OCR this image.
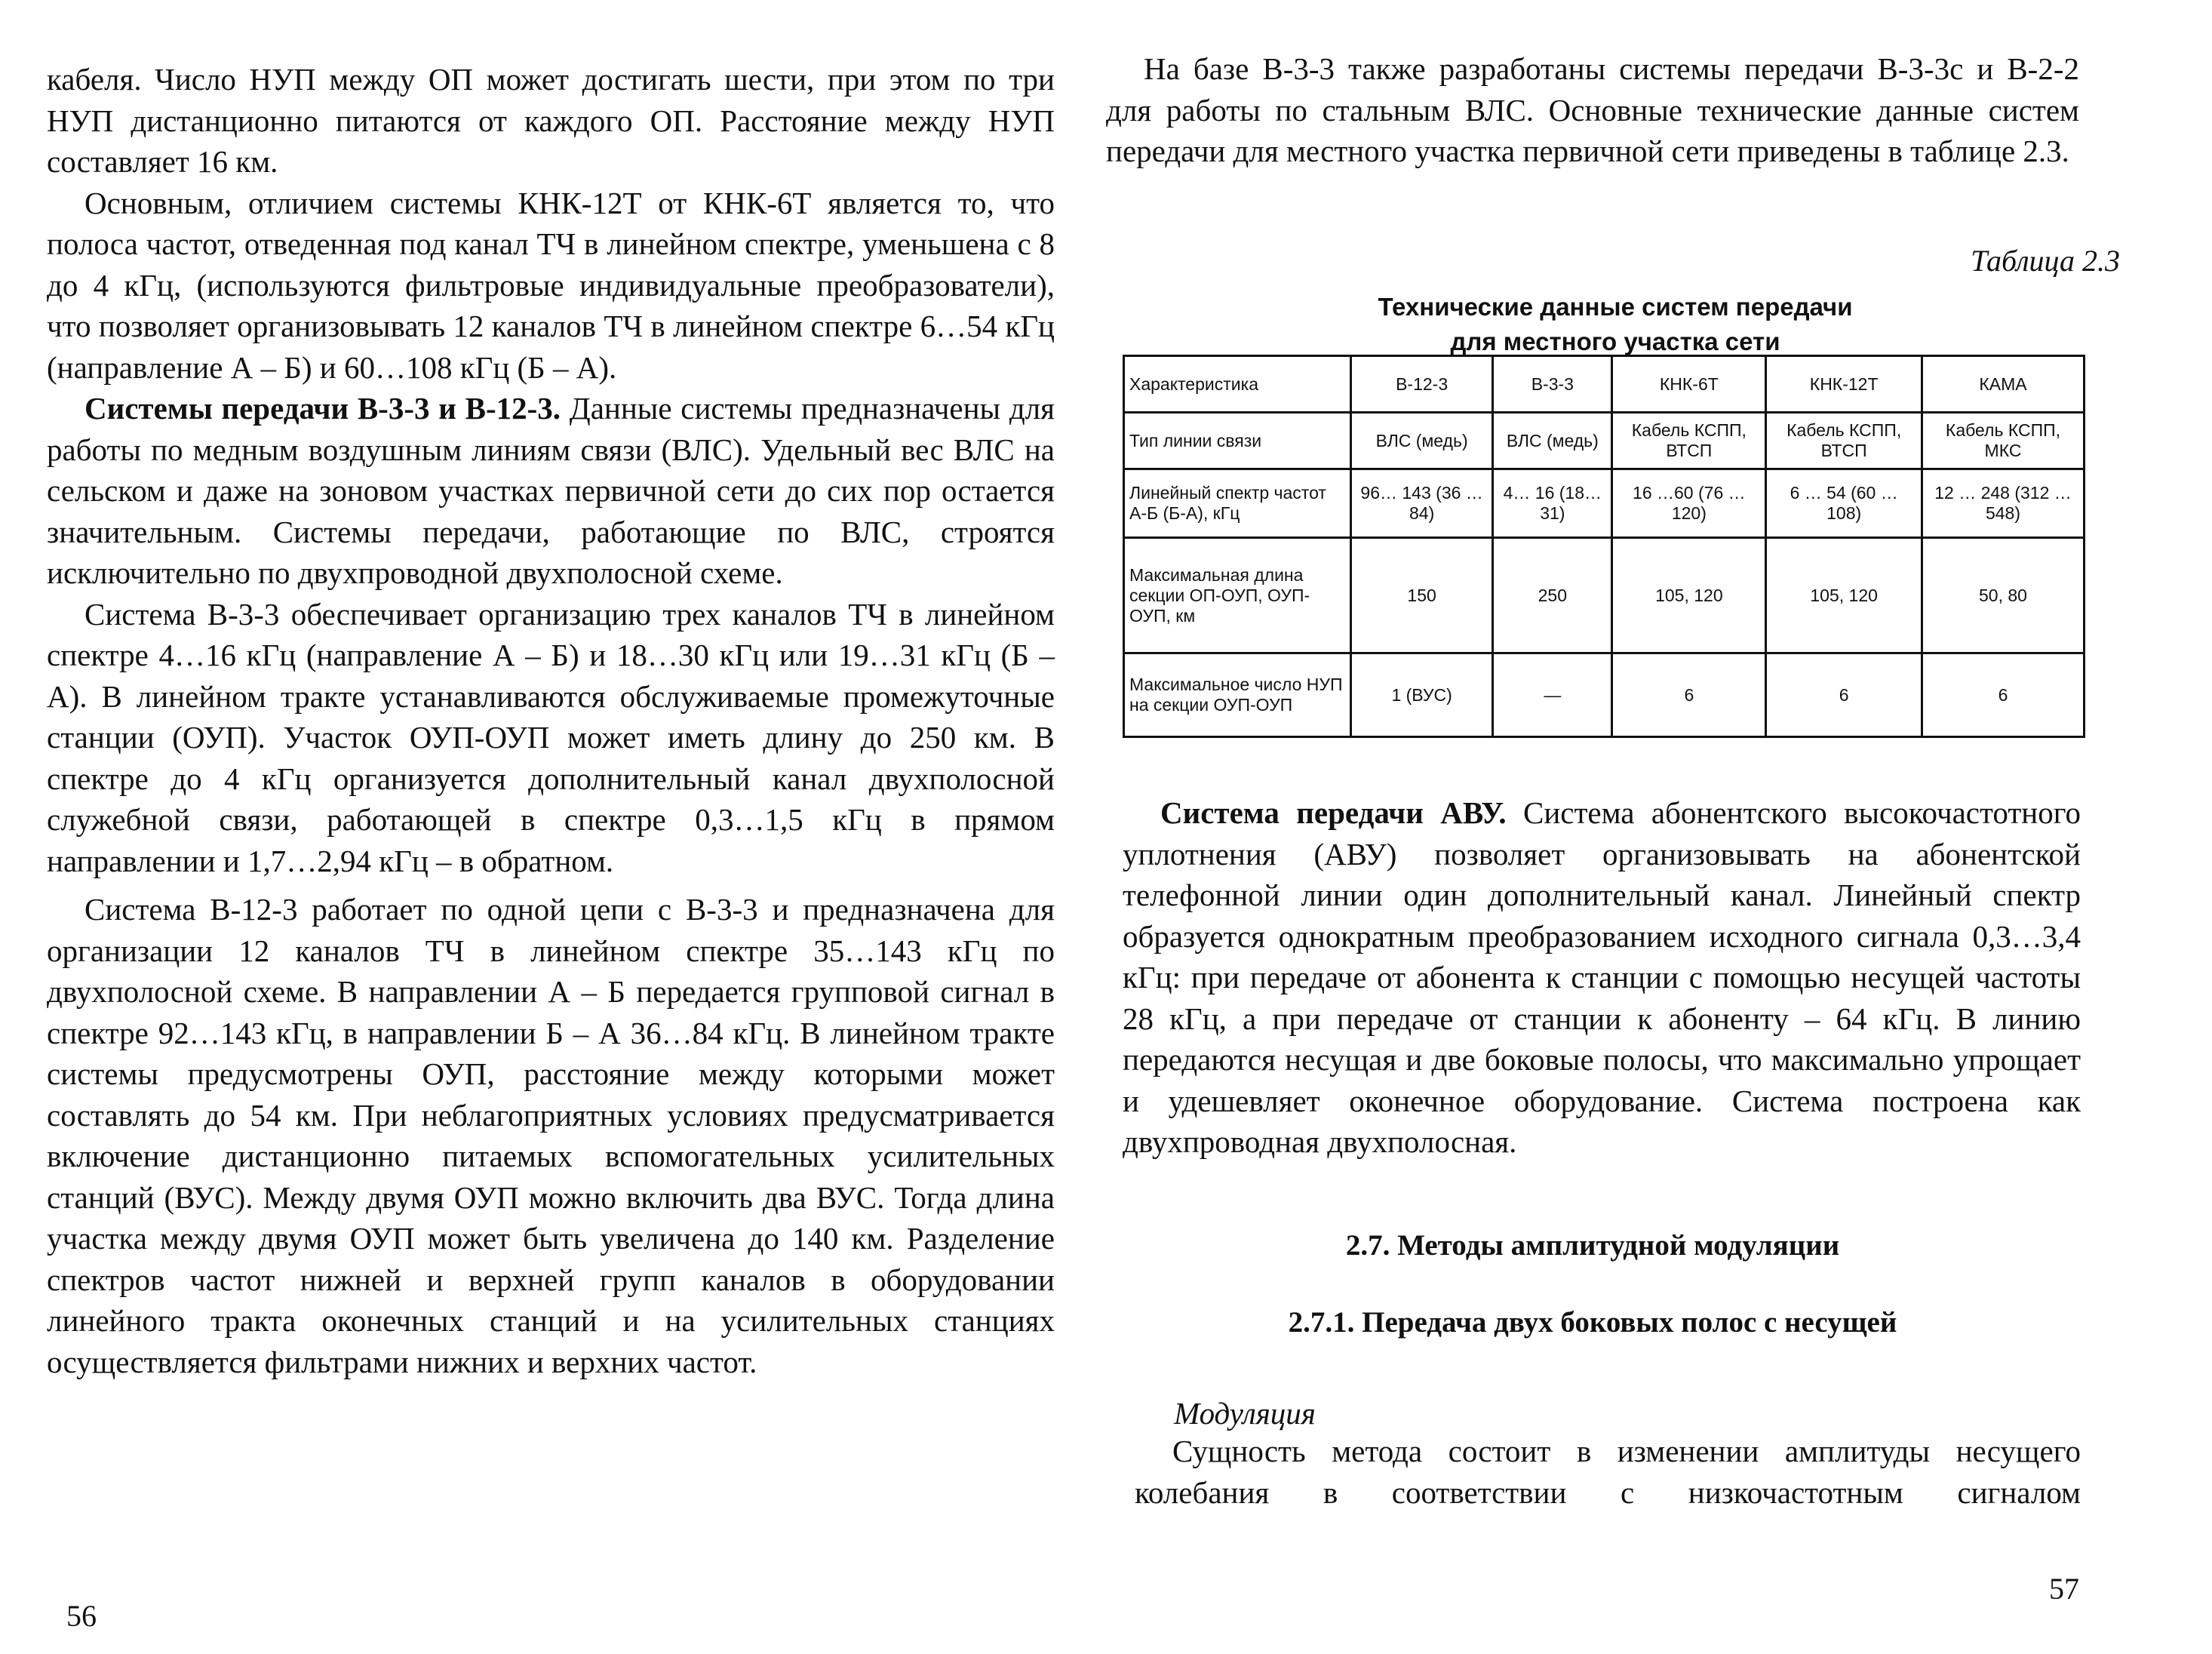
кабеля. Число НУП между ОП может достигать шести, при этом по три НУП дистанционно питаются от каждого ОП. Расстояние между НУП составляет 16 км.

Основным, отличием системы КНК-12Т от КНК-6Т является то, что полоса частот, отведенная под канал ТЧ в линейном спектре, уменьшена с 8 до 4 кГц, (используются фильтровые индивидуальные преобразователи), что позволяет организовывать 12 каналов ТЧ в линейном спектре 6…54 кГц (направление А – Б) и 60…108 кГц (Б – А).

Системы передачи В-3-3 и В-12-3. Данные системы предназначены для работы по медным воздушным линиям связи (ВЛС). Удельный вес ВЛС на сельском и даже на зоновом участках первичной сети до сих пор остается значительным. Системы передачи, работающие по ВЛС, строятся исключительно по двухпроводной двухполосной схеме.

Система В-3-3 обеспечивает организацию трех каналов ТЧ в линейном спектре 4…16 кГц (направление А – Б) и 18…30 кГц или 19…31 кГц (Б – А). В линейном тракте устанавливаются обслуживаемые промежуточные станции (ОУП). Участок ОУП-ОУП может иметь длину до 250 км. В спектре до 4 кГц организуется дополнительный канал двухполосной служебной связи, работающей в спектре 0,3…1,5 кГц в прямом направлении и 1,7…2,94 кГц – в обратном.

Система В-12-3 работает по одной цепи с В-3-3 и предназначена для организации 12 каналов ТЧ в линейном спектре 35…143 кГц по двухполосной схеме. В направлении А – Б передается групповой сигнал в спектре 92…143 кГц, в направлении Б – А 36…84 кГц. В линейном тракте системы предусмотрены ОУП, расстояние между которыми может составлять до 54 км. При неблагоприятных условиях предусматривается включение дистанционно питаемых вспомогательных усилительных станций (ВУС). Между двумя ОУП можно включить два ВУС. Тогда длина участка между двумя ОУП может быть увеличена до 140 км. Разделение спектров частот нижней и верхней групп каналов в оборудовании линейного тракта оконечных станций и на усилительных станциях осуществляется фильтрами нижних и верхних частот.

56

На базе В-3-3 также разработаны системы передачи В-3-3с и В-2-2 для работы по стальным ВЛС. Основные технические данные систем передачи для местного участка первичной сети приведены в таблице 2.3.

Таблица 2.3
Технические данные систем передачи
для местного участка сети
Характеристика	В-12-3	В-3-3	КНК-6Т	КНК-12Т	КАМА
Тип линии связи	ВЛС (медь)	ВЛС (медь)	Кабель КСПП, ВТСП	Кабель КСПП, ВТСП	Кабель КСПП, МКС
Линейный спектр частот А-Б (Б-А), кГц	96… 143 (36 … 84)	4… 16 (18…31)	16 …60 (76 … 120)	6 … 54 (60 … 108)	12 … 248 (312 … 548)
Максимальная длина секции ОП-ОУП, ОУП-ОУП, км	150	250	105, 120	105, 120	50, 80
Максимальное число НУП на секции ОУП-ОУП	1 (ВУС)	—	6	6	6

Система передачи АВУ. Система абонентского высокочастотного уплотнения (АВУ) позволяет организовывать на абонентской телефонной линии один дополнительный канал. Линейный спектр образуется однократным преобразованием исходного сигнала 0,3…3,4 кГц: при передаче от абонента к станции с помощью несущей частоты 28 кГц, а при передаче от станции к абоненту – 64 кГц. В линию передаются несущая и две боковые полосы, что максимально упрощает и удешевляет оконечное оборудование. Система построена как двухпроводная двухполосная.

2.7. Методы амплитудной модуляции
2.7.1. Передача двух боковых полос с несущей

Модуляция

Сущность метода состоит в изменении амплитуды несущего колебания в соответствии с низкочастотным сигналом

57
